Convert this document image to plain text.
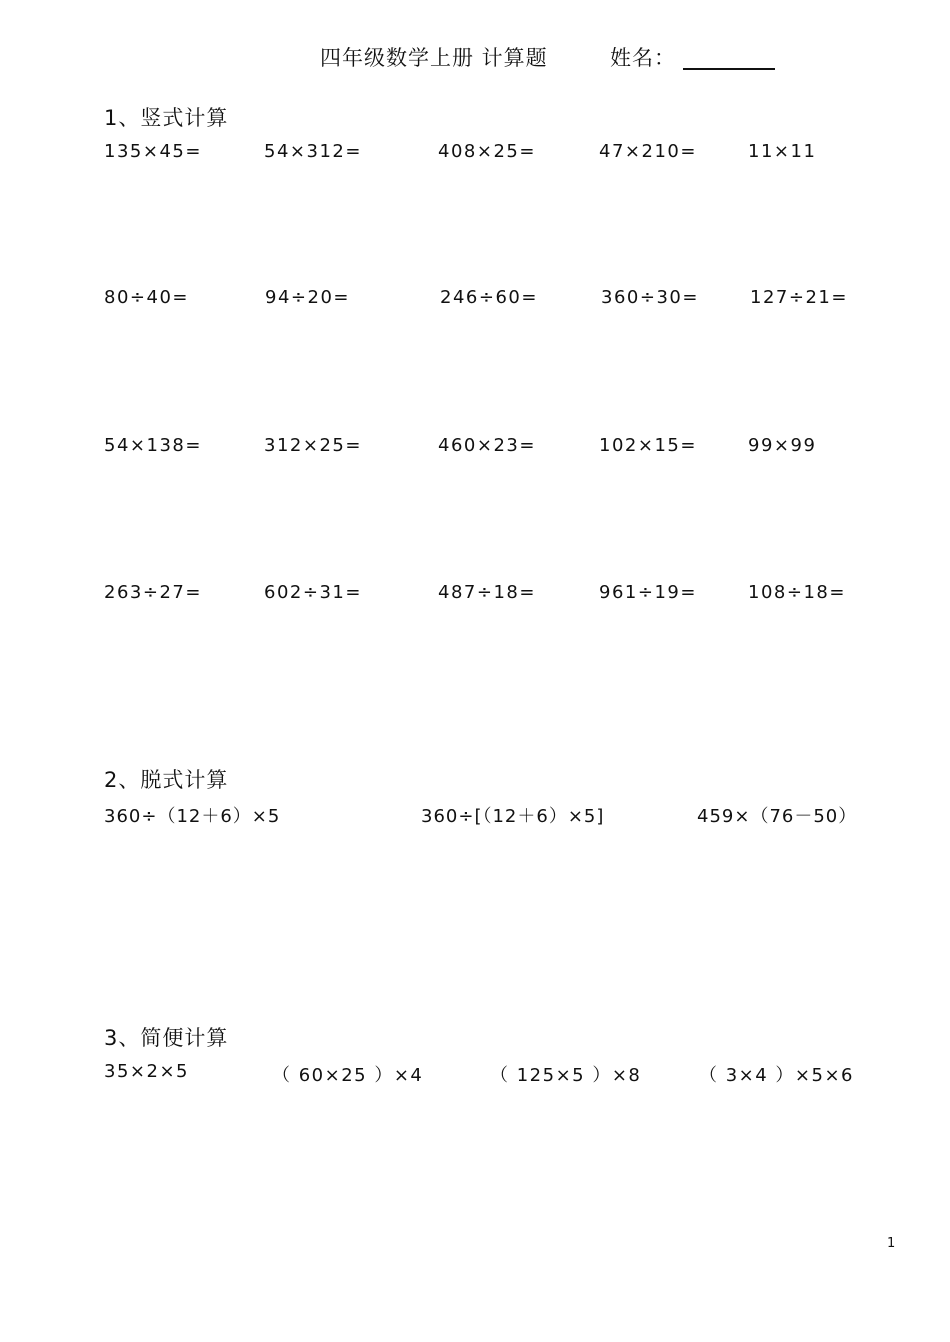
四年级数学上册 计算题	姓名：
1、竖式计算
135×45=	54×312=	408×25=	47×210=	11×11
80÷40=	94÷20=	246÷60=	360÷30=	127÷21=
54×138=	312×25=	460×23=	102×15=	99×99
263÷27=	602÷31=	487÷18=	961÷19=	108÷18=
2、脱式计算
360÷（12＋6）×5	360÷[（12＋6）×5]	459×（76－50）
3、简便计算
35×2×5	（ 60×25 ）×4	（ 125×5 ）×8	（ 3×4 ）×5×6
1
